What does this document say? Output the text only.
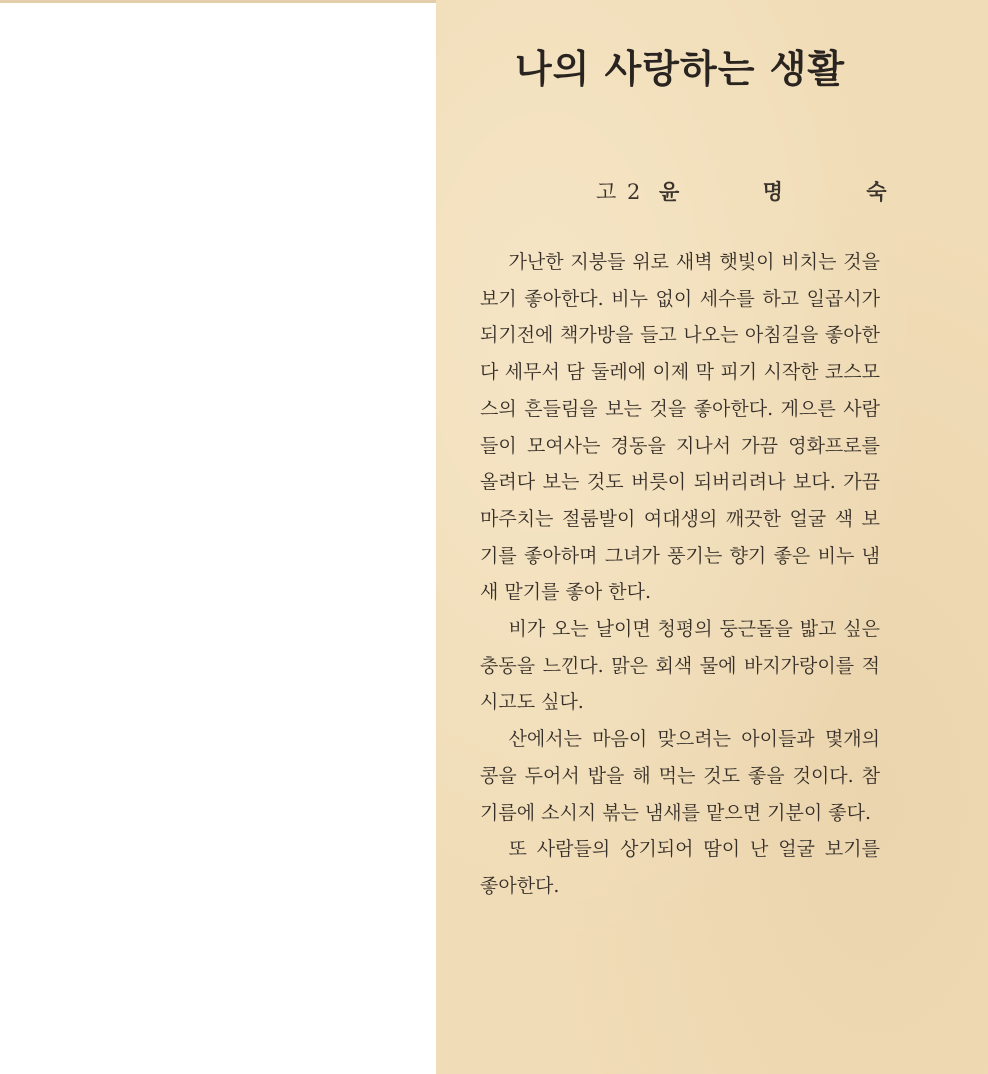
나의 사랑하는 생활
고 2 윤 명 숙

가난한 지붕들 위로 새벽 햇빛이 비치는 것을 보기 좋아한다. 비누 없이 세수를 하고 일곱시가 되기전에 책가방을 들고 나오는 아침길을 좋아한다 세무서 담 둘레에 이제 막 피기 시작한 코스모스의 흔들림을 보는 것을 좋아한다. 게으른 사람들이 모여사는 경동을 지나서 가끔 영화프로를 올려다 보는 것도 버릇이 되버리려나 보다. 가끔 마주치는 절룸발이 여대생의 깨끗한 얼굴 색 보기를 좋아하며 그녀가 풍기는 향기 좋은 비누 냄새 맡기를 좋아 한다.

비가 오는 날이면 청평의 둥근돌을 밟고 싶은 충동을 느낀다. 맑은 회색 물에 바지가랑이를 적시고도 싶다.

산에서는 마음이 맞으려는 아이들과 몇개의 콩을 두어서 밥을 해 먹는 것도 좋을 것이다. 참기름에 소시지 볶는 냄새를 맡으면 기분이 좋다.

또 사람들의 상기되어 땀이 난 얼굴 보기를 좋아한다.
